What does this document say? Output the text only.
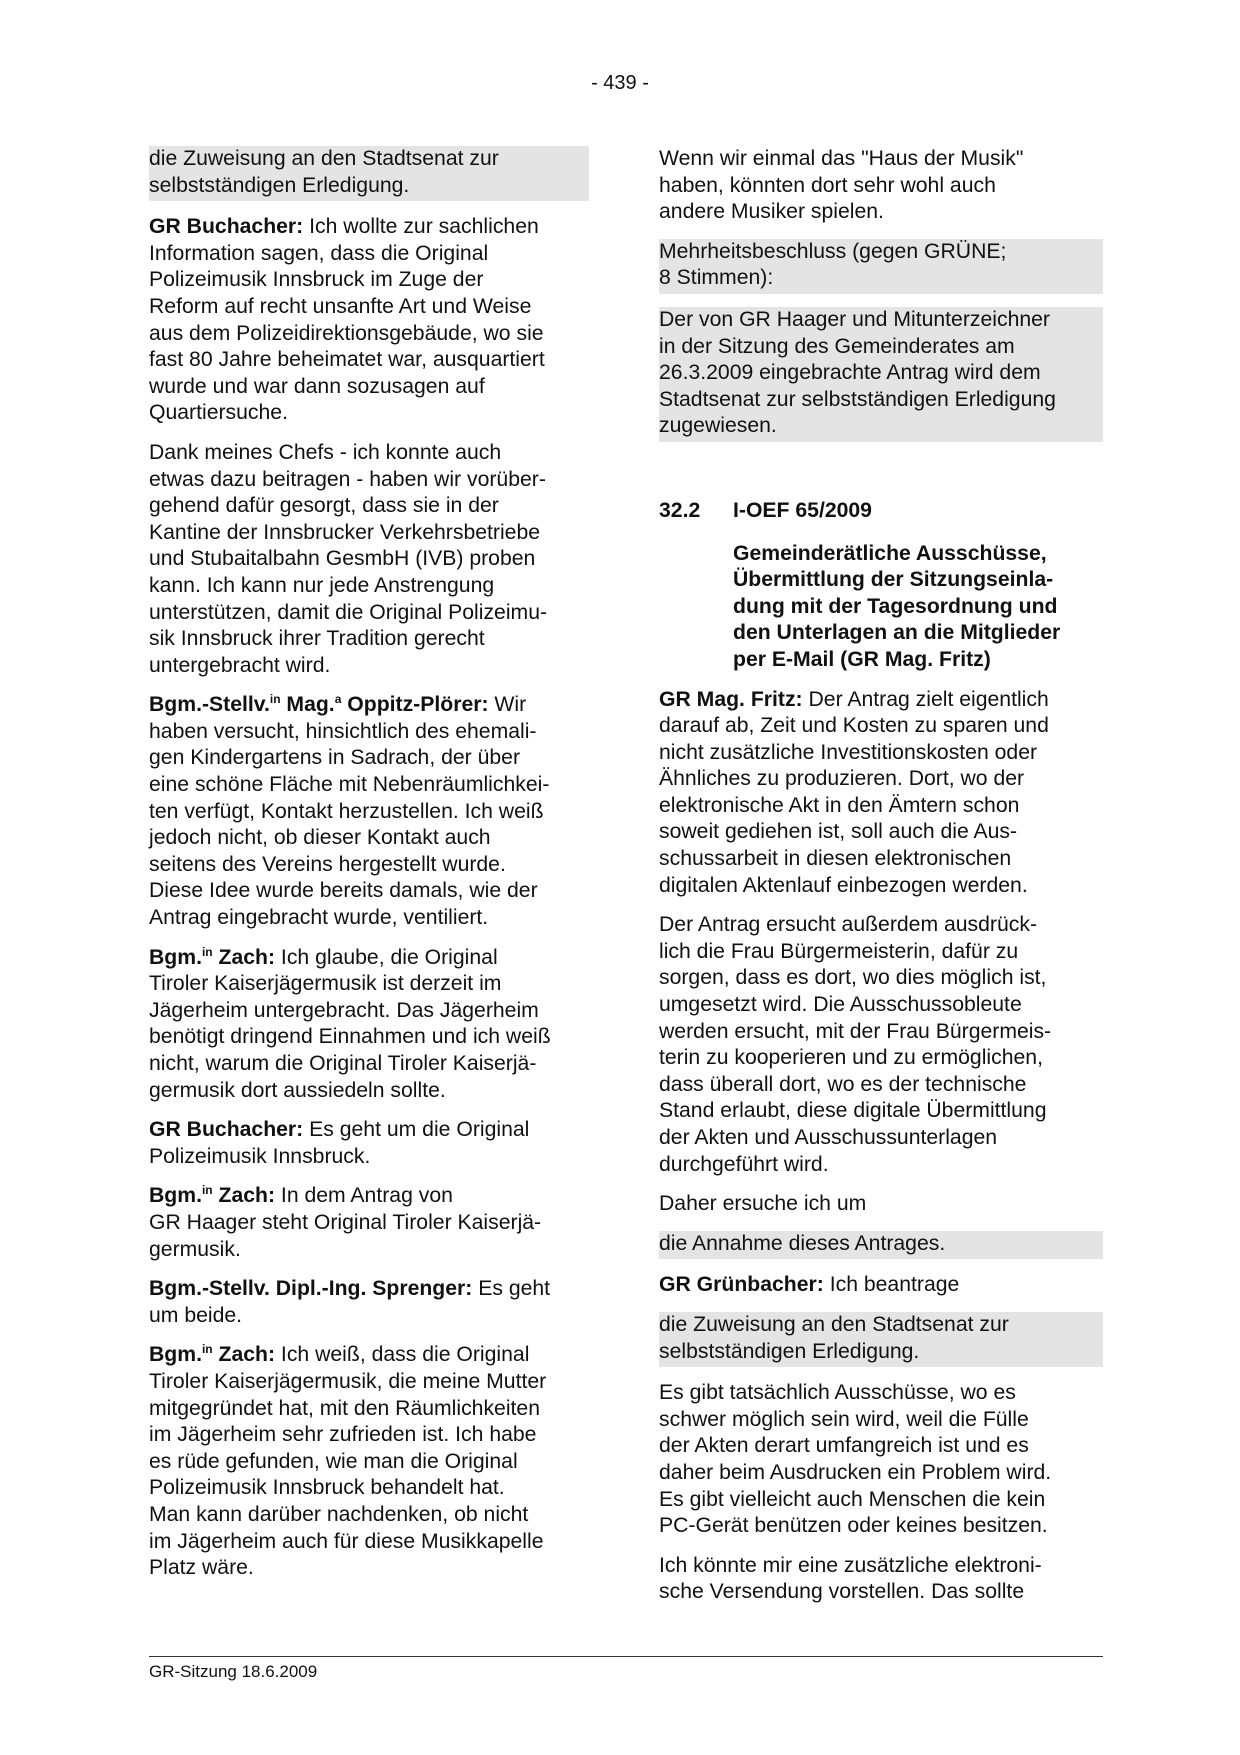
- 439 -
die Zuweisung an den Stadtsenat zur
selbstständigen Erledigung.
GR Buchacher: Ich wollte zur sachlichen
Information sagen, dass die Original
Polizeimusik Innsbruck im Zuge der
Reform auf recht unsanfte Art und Weise
aus dem Polizeidirektionsgebäude, wo sie
fast 80 Jahre beheimatet war, ausquartiert
wurde und war dann sozusagen auf
Quartiersuche.
Dank meines Chefs - ich konnte auch
etwas dazu beitragen - haben wir vorüber-
gehend dafür gesorgt, dass sie in der
Kantine der Innsbrucker Verkehrsbetriebe
und Stubaitalbahn GesmbH (IVB) proben
kann. Ich kann nur jede Anstrengung
unterstützen, damit die Original Polizeimu-
sik Innsbruck ihrer Tradition gerecht
untergebracht wird.
Bgm.-Stellv.$^{in}$ Mag.$^a$ Oppitz-Plörer: Wir
haben versucht, hinsichtlich des ehemali-
gen Kindergartens in Sadrach, der über
eine schöne Fläche mit Nebenräumlichkei-
ten verfügt, Kontakt herzustellen. Ich weiß
jedoch nicht, ob dieser Kontakt auch
seitens des Vereins hergestellt wurde.
Diese Idee wurde bereits damals, wie der
Antrag eingebracht wurde, ventiliert.
Bgm.$^{in}$ Zach: Ich glaube, die Original
Tiroler Kaiserjägermusik ist derzeit im
Jägerheim untergebracht. Das Jägerheim
benötigt dringend Einnahmen und ich weiß
nicht, warum die Original Tiroler Kaiserjä-
germusik dort aussiedeln sollte.
GR Buchacher: Es geht um die Original
Polizeimusik Innsbruck.
Bgm.$^{in}$ Zach: In dem Antrag von
GR Haager steht Original Tiroler Kaiserjä-
germusik.
Bgm.-Stellv. Dipl.-Ing. Sprenger: Es geht
um beide.
Bgm.$^{in}$ Zach: Ich weiß, dass die Original
Tiroler Kaiserjägermusik, die meine Mutter
mitgegründet hat, mit den Räumlichkeiten
im Jägerheim sehr zufrieden ist. Ich habe
es rüde gefunden, wie man die Original
Polizeimusik Innsbruck behandelt hat.
Man kann darüber nachdenken, ob nicht
im Jägerheim auch für diese Musikkapelle
Platz wäre.
Wenn wir einmal das "Haus der Musik"
haben, könnten dort sehr wohl auch
andere Musiker spielen.
Mehrheitsbeschluss (gegen GRÜNE;
8 Stimmen):
Der von GR Haager und Mitunterzeichner
in der Sitzung des Gemeinderates am
26.3.2009 eingebrachte Antrag wird dem
Stadtsenat zur selbstständigen Erledigung
zugewiesen.
32.2	I-OEF 65/2009
Gemeinderätliche Ausschüsse,
Übermittlung der Sitzungseinla-
dung mit der Tagesordnung und
den Unterlagen an die Mitglieder
per E-Mail (GR Mag. Fritz)
GR Mag. Fritz: Der Antrag zielt eigentlich
darauf ab, Zeit und Kosten zu sparen und
nicht zusätzliche Investitionskosten oder
Ähnliches zu produzieren. Dort, wo der
elektronische Akt in den Ämtern schon
soweit gediehen ist, soll auch die Aus-
schussarbeit in diesen elektronischen
digitalen Aktenlauf einbezogen werden.
Der Antrag ersucht außerdem ausdrück-
lich die Frau Bürgermeisterin, dafür zu
sorgen, dass es dort, wo dies möglich ist,
umgesetzt wird. Die Ausschussobleute
werden ersucht, mit der Frau Bürgermeis-
terin zu kooperieren und zu ermöglichen,
dass überall dort, wo es der technische
Stand erlaubt, diese digitale Übermittlung
der Akten und Ausschussunterlagen
durchgeführt wird.
Daher ersuche ich um
die Annahme dieses Antrages.
GR Grünbacher: Ich beantrage
die Zuweisung an den Stadtsenat zur
selbstständigen Erledigung.
Es gibt tatsächlich Ausschüsse, wo es
schwer möglich sein wird, weil die Fülle
der Akten derart umfangreich ist und es
daher beim Ausdrucken ein Problem wird.
Es gibt vielleicht auch Menschen die kein
PC-Gerät benützen oder keines besitzen.
Ich könnte mir eine zusätzliche elektroni-
sche Versendung vorstellen. Das sollte
GR-Sitzung 18.6.2009
